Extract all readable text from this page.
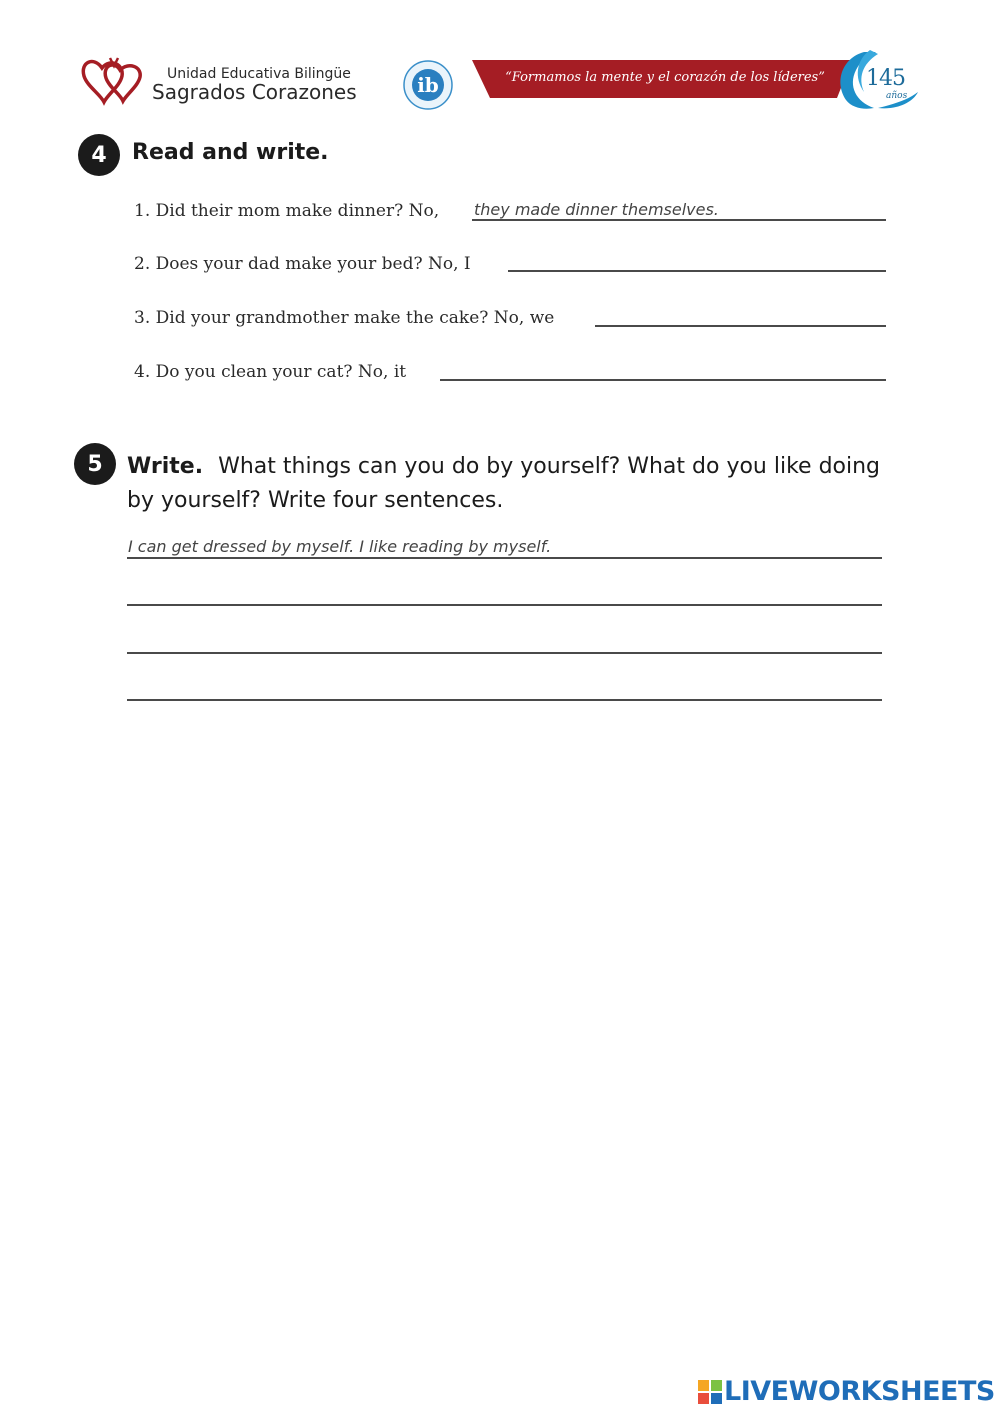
Unidad Educativa Bilingüe
Sagrados Corazones	ib	“Formamos la mente y el corazón de los líderes” 145
años
4	Read and write.
1. Did their mom make dinner? No,
they made dinner themselves.
2. Does your dad make your bed? No, I
3. Did your grandmother make the cake? No, we
4. Do you clean your cat? No, it
5	Write. What things can you do by yourself? What do you like doing by yourself? Write four sentences.
I can get dressed by myself. I like reading by myself.
LIVEWORKSHEETS
